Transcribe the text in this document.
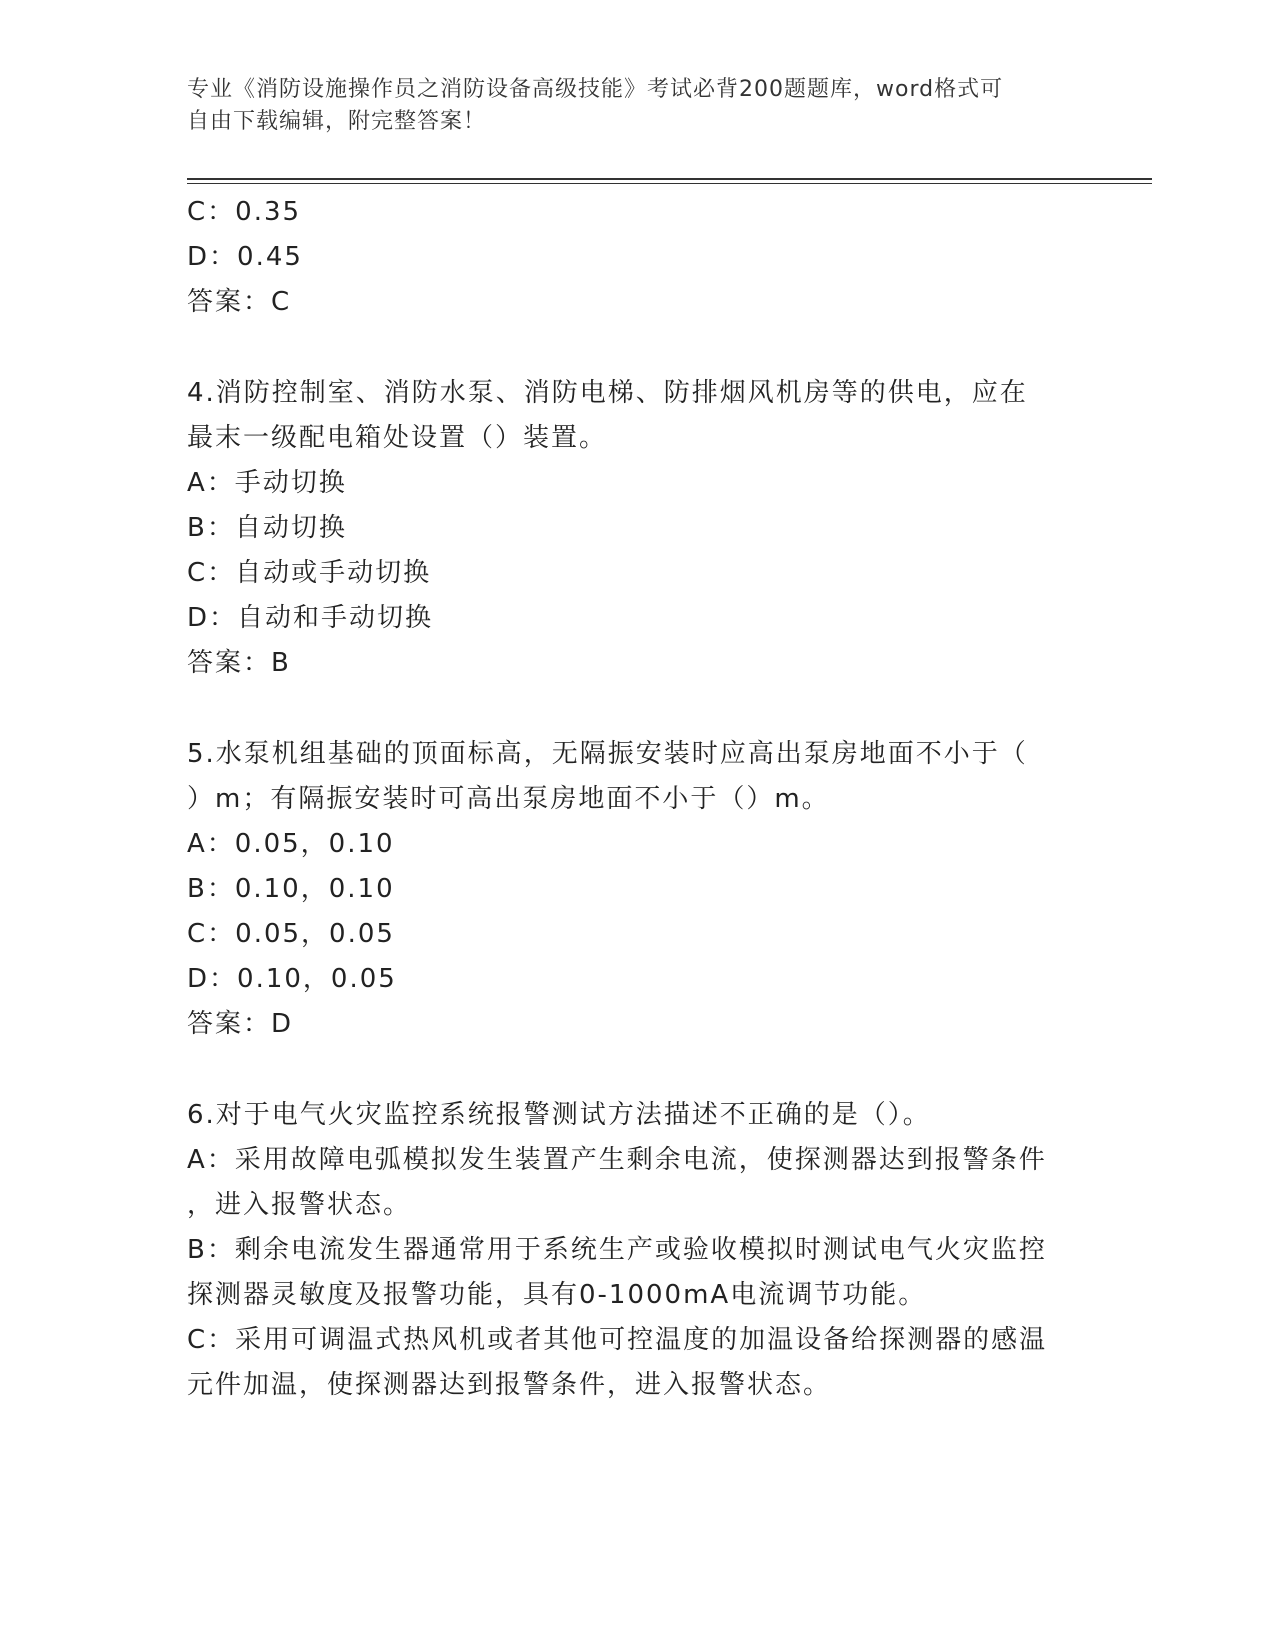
专业《消防设施操作员之消防设备高级技能》考试必背200题题库，word格式可
自由下载编辑，附完整答案！
C：0.35
D：0.45
答案：C
4.消防控制室、消防水泵、消防电梯、防排烟风机房等的供电，应在
最末一级配电箱处设置（）装置。
A：手动切换
B：自动切换
C：自动或手动切换
D：自动和手动切换
答案：B
5.水泵机组基础的顶面标高，无隔振安装时应高出泵房地面不小于（
）m；有隔振安装时可高出泵房地面不小于（）m。
A：0.05，0.10
B：0.10，0.10
C：0.05，0.05
D：0.10，0.05
答案：D
6.对于电气火灾监控系统报警测试方法描述不正确的是（）。
A：采用故障电弧模拟发生装置产生剩余电流，使探测器达到报警条件
，进入报警状态。
B：剩余电流发生器通常用于系统生产或验收模拟时测试电气火灾监控
探测器灵敏度及报警功能，具有0-1000mA电流调节功能。
C：采用可调温式热风机或者其他可控温度的加温设备给探测器的感温
元件加温，使探测器达到报警条件，进入报警状态。
